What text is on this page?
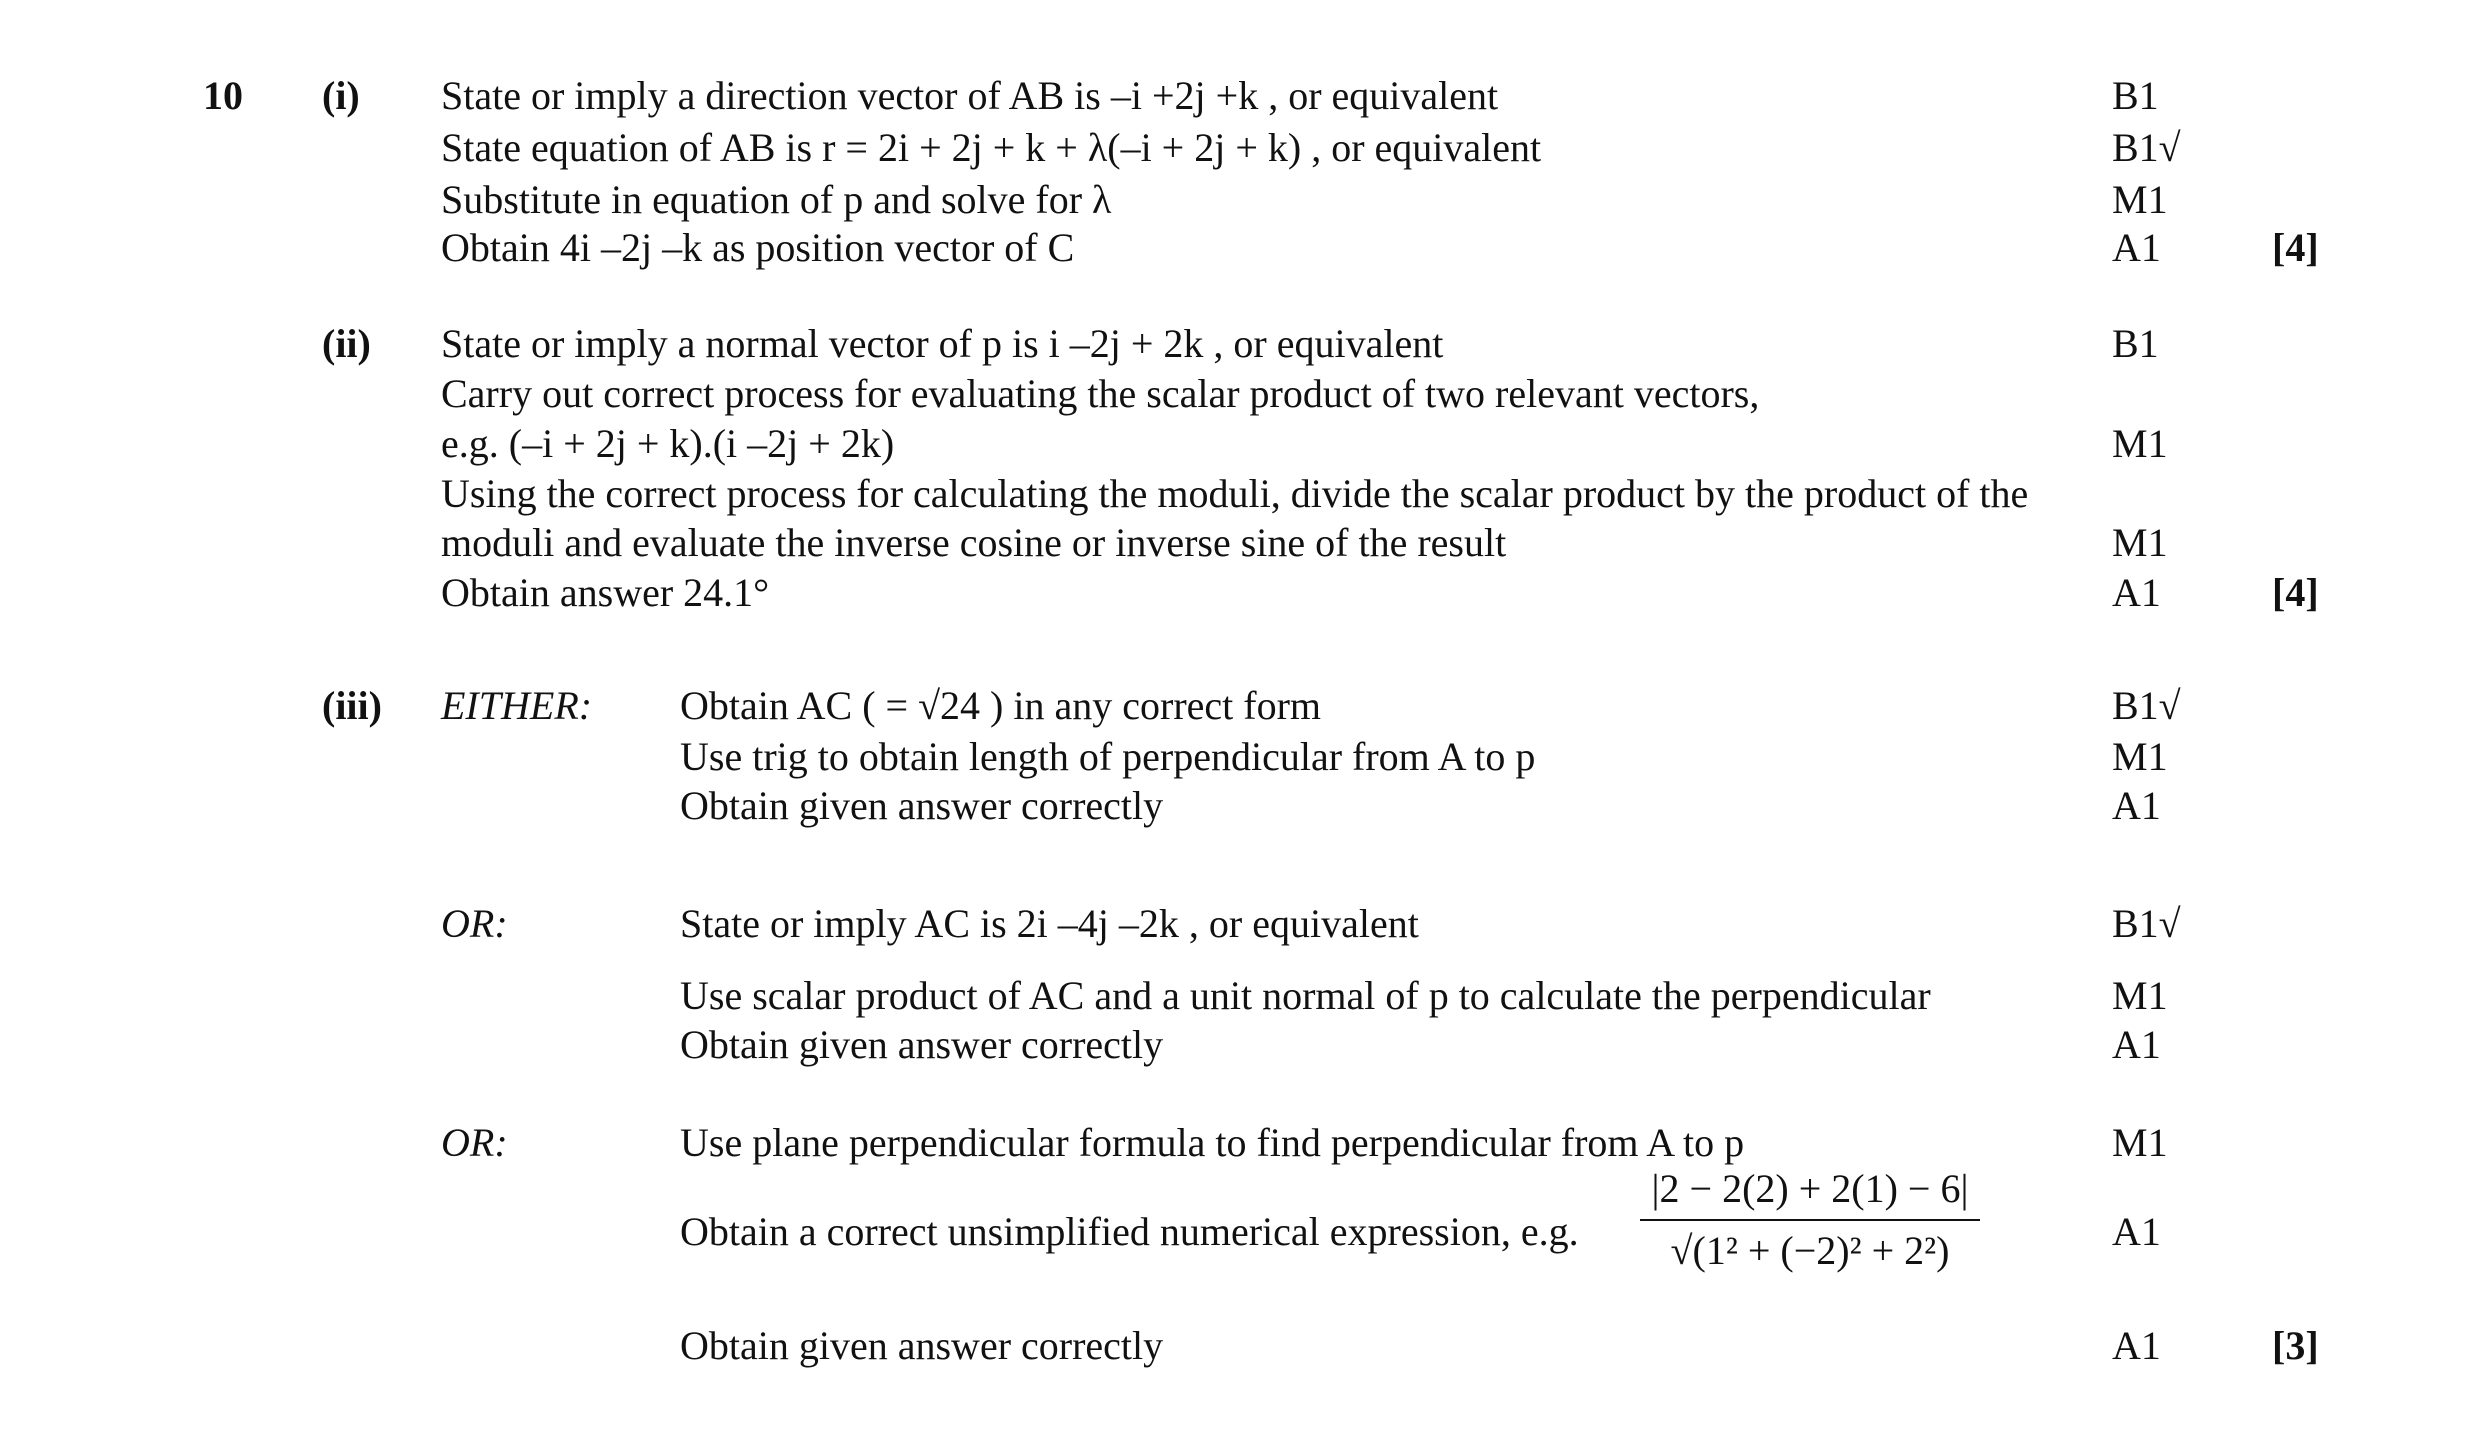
10 (i) State or imply a direction vector of AB is –i +2j +k , or equivalent	B1
State equation of AB is r = 2i + 2j + k + λ(–i + 2j + k) , or equivalent	B1√
Substitute in equation of p and solve for λ	M1
Obtain 4i –2j –k as position vector of C	A1	[4]
(ii) State or imply a normal vector of p is i –2j + 2k , or equivalent	B1
Carry out correct process for evaluating the scalar product of two relevant vectors,
e.g. (–i + 2j + k).(i –2j + 2k)	M1
Using the correct process for calculating the moduli, divide the scalar product by the product of the
moduli and evaluate the inverse cosine or inverse sine of the result	M1
Obtain answer 24.1°	A1	[4]
(iii) EITHER: Obtain AC ( = √24 ) in any correct form	B1√
Use trig to obtain length of perpendicular from A to p	M1
Obtain given answer correctly	A1
OR:	State or imply AC is 2i –4j –2k , or equivalent	B1√
Use scalar product of AC and a unit normal of p to calculate the perpendicular	M1
Obtain given answer correctly	A1
OR:	Use plane perpendicular formula to find perpendicular from A to p	M1
Obtain a correct unsimplified numerical expression, e.g.
|2 − 2(2) + 2(1) − 6|
√(1² + (−2)² + 2²)	A1
Obtain given answer correctly	A1	[3]
